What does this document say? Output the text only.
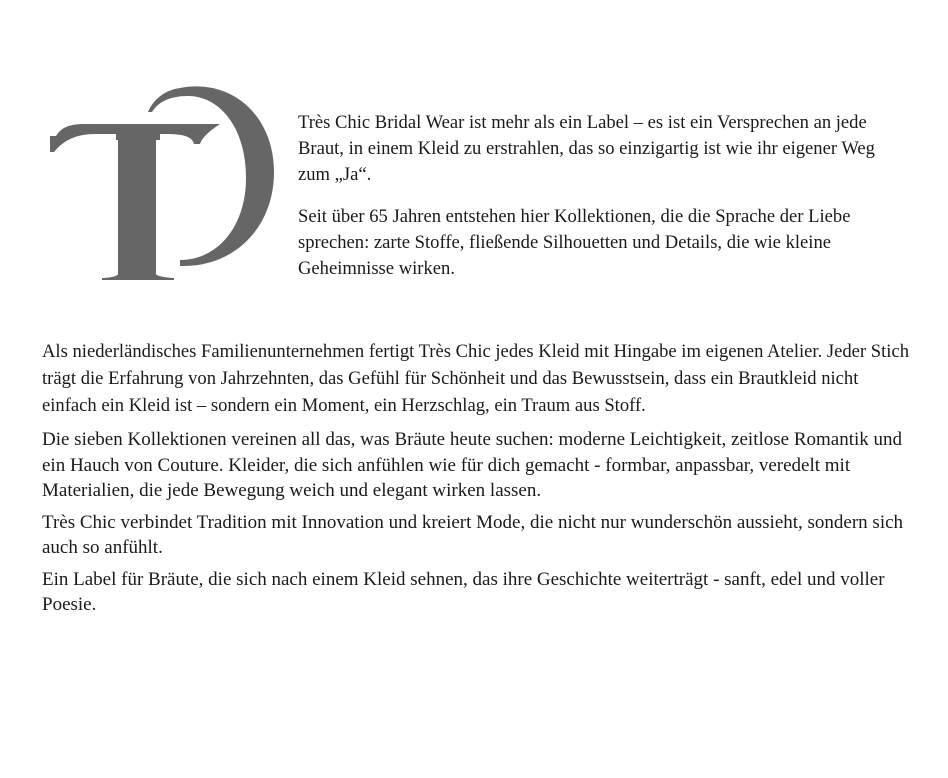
Très Chic Bridal Wear ist mehr als ein Label – es ist ein Versprechen an jede Braut, in einem Kleid zu erstrahlen, das so einzigartig ist wie ihr eigener Weg zum „Ja“.

Seit über 65 Jahren entstehen hier Kollektionen, die die Sprache der Liebe sprechen: zarte Stoffe, fließende Silhouetten und Details, die wie kleine Geheimnisse wirken.

Als niederländisches Familienunternehmen fertigt Très Chic jedes Kleid mit Hingabe im eigenen Atelier. Jeder Stich trägt die Erfahrung von Jahrzehnten, das Gefühl für Schönheit und das Bewusstsein, dass ein Brautkleid nicht einfach ein Kleid ist – sondern ein Moment, ein Herzschlag, ein Traum aus Stoff.

Die sieben Kollektionen vereinen all das, was Bräute heute suchen: moderne Leichtigkeit, zeitlose Romantik und ein Hauch von Couture. Kleider, die sich anfühlen wie für dich gemacht - formbar, anpassbar, veredelt mit Materialien, die jede Bewegung weich und elegant wirken lassen.

Très Chic verbindet Tradition mit Innovation und kreiert Mode, die nicht nur wunderschön aussieht, sondern sich auch so anfühlt.

Ein Label für Bräute, die sich nach einem Kleid sehnen, das ihre Geschichte weiterträgt - sanft, edel und voller Poesie.
